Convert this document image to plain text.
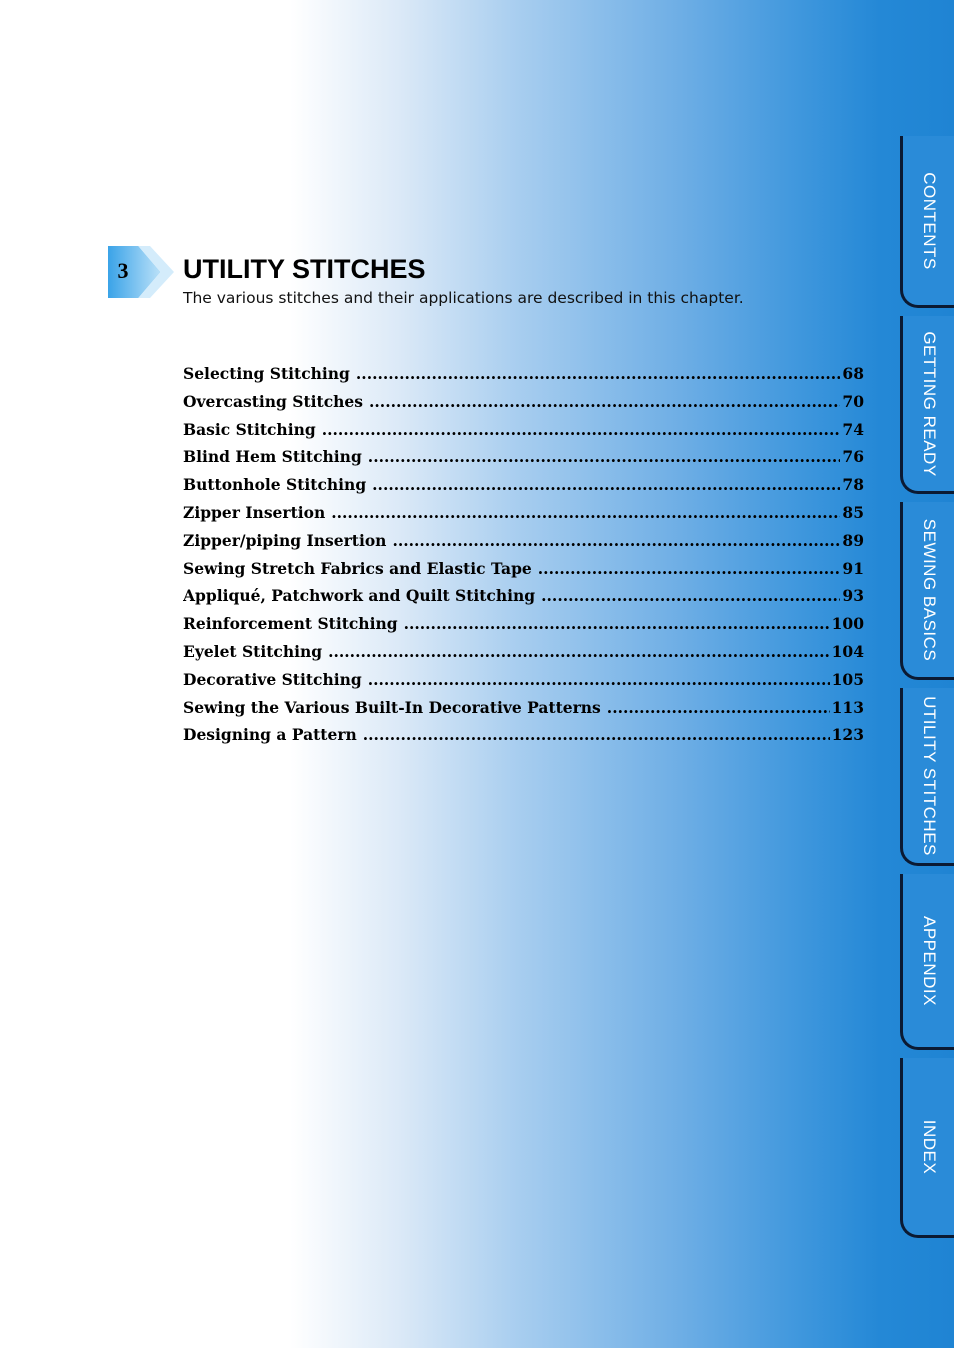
3	UTILITY STITCHES
The various stitches and their applications are described in this chapter.
Selecting Stitching .....	68
Overcasting Stitches .....	70
Basic Stitching .....	74
Blind Hem Stitching .....	76
Buttonhole Stitching .....	78
Zipper Insertion .....	85
Zipper/piping Insertion .....	89
Sewing Stretch Fabrics and Elastic Tape .....	91
Appliqué, Patchwork and Quilt Stitching .....	93
Reinforcement Stitching .....	100
Eyelet Stitching .....	104
Decorative Stitching .....	105
Sewing the Various Built-In Decorative Patterns .....	113
Designing a Pattern .....	123
CONTENTS
GETTING READY
SEWING BASICS
UTILITY STITCHES
APPENDIX
INDEX
